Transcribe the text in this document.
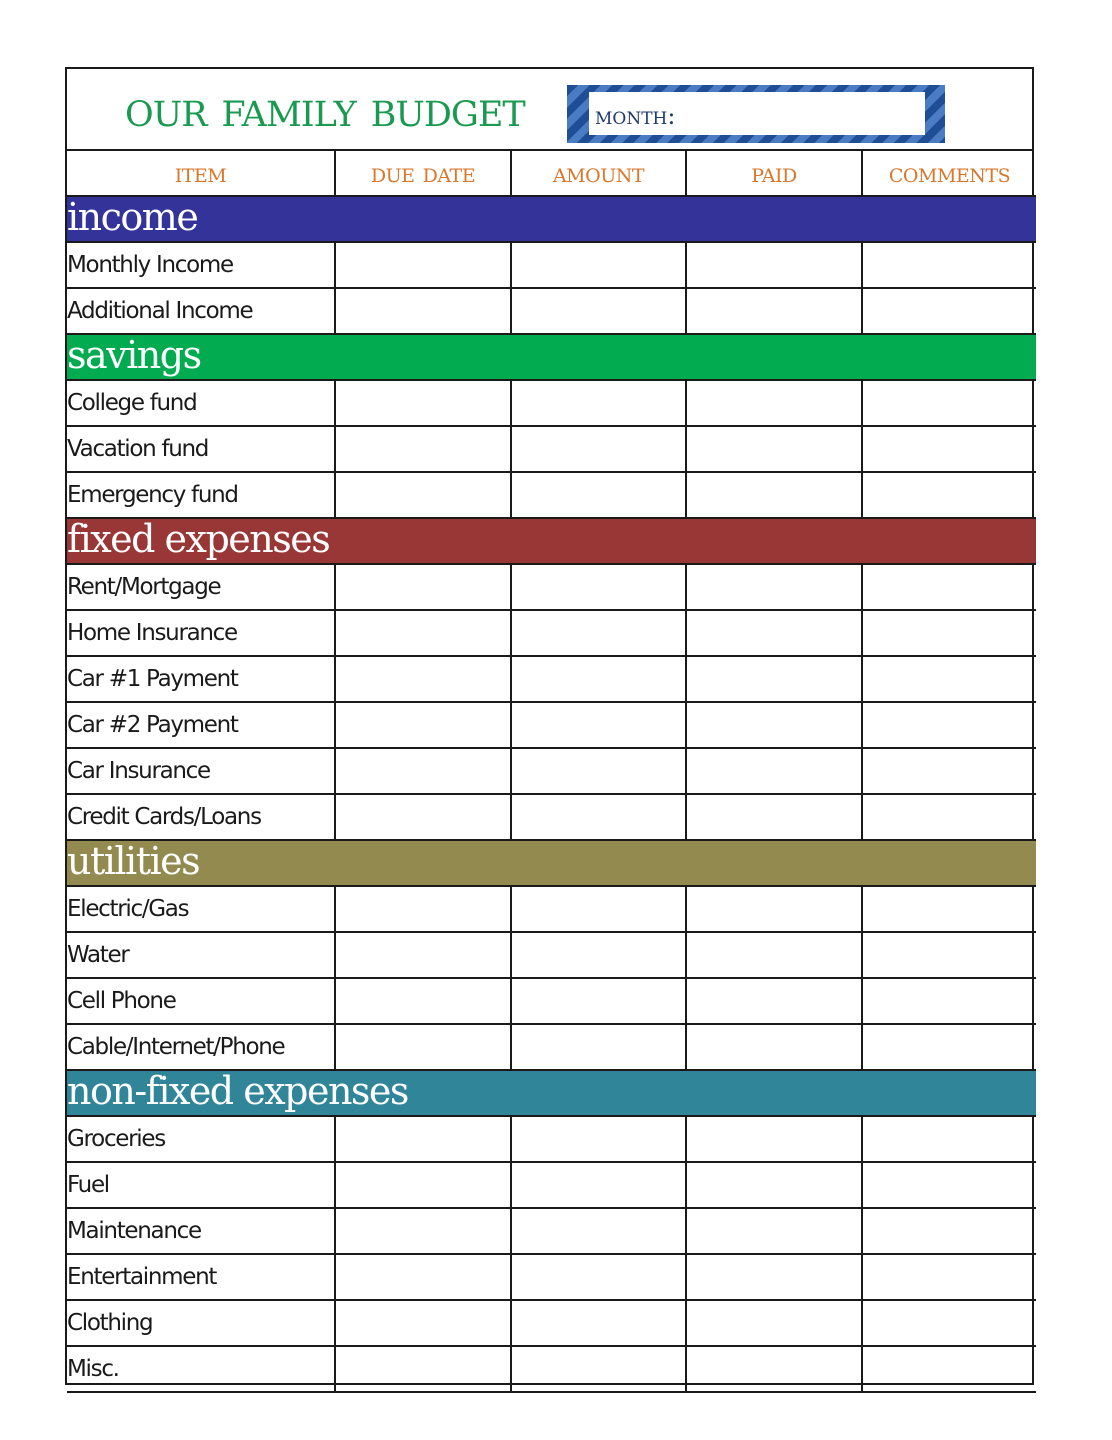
our family budget	month:
item	due date	amount	paid	comments
income				
Monthly Income				
Additional Income				
savings				
College fund				
Vacation fund				
Emergency fund				
fixed expenses				
Rent/Mortgage				
Home Insurance				
Car #1 Payment				
Car #2 Payment				
Car Insurance				
Credit Cards/Loans				
utilities				
Electric/Gas				
Water				
Cell Phone				
Cable/Internet/Phone				
non-fixed expenses				
Groceries				
Fuel				
Maintenance				
Entertainment				
Clothing				
Misc.				
